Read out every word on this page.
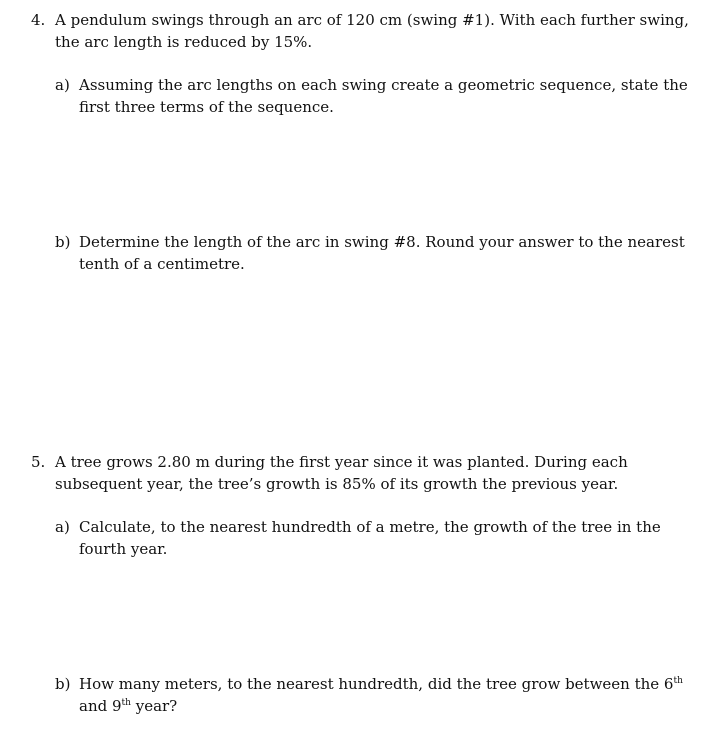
4. A pendulum swings through an arc of 120 cm (swing #1). With each further swing,
the arc length is reduced by 15%.
a) Assuming the arc lengths on each swing create a geometric sequence, state the
first three terms of the sequence.
b) Determine the length of the arc in swing #8. Round your answer to the nearest
tenth of a centimetre.
5. A tree grows 2.80 m during the first year since it was planted. During each
subsequent year, the tree’s growth is 85% of its growth the previous year.
a) Calculate, to the nearest hundredth of a metre, the growth of the tree in the
fourth year.
b) How many meters, to the nearest hundredth, did the tree grow between the 6th
and 9th year?
